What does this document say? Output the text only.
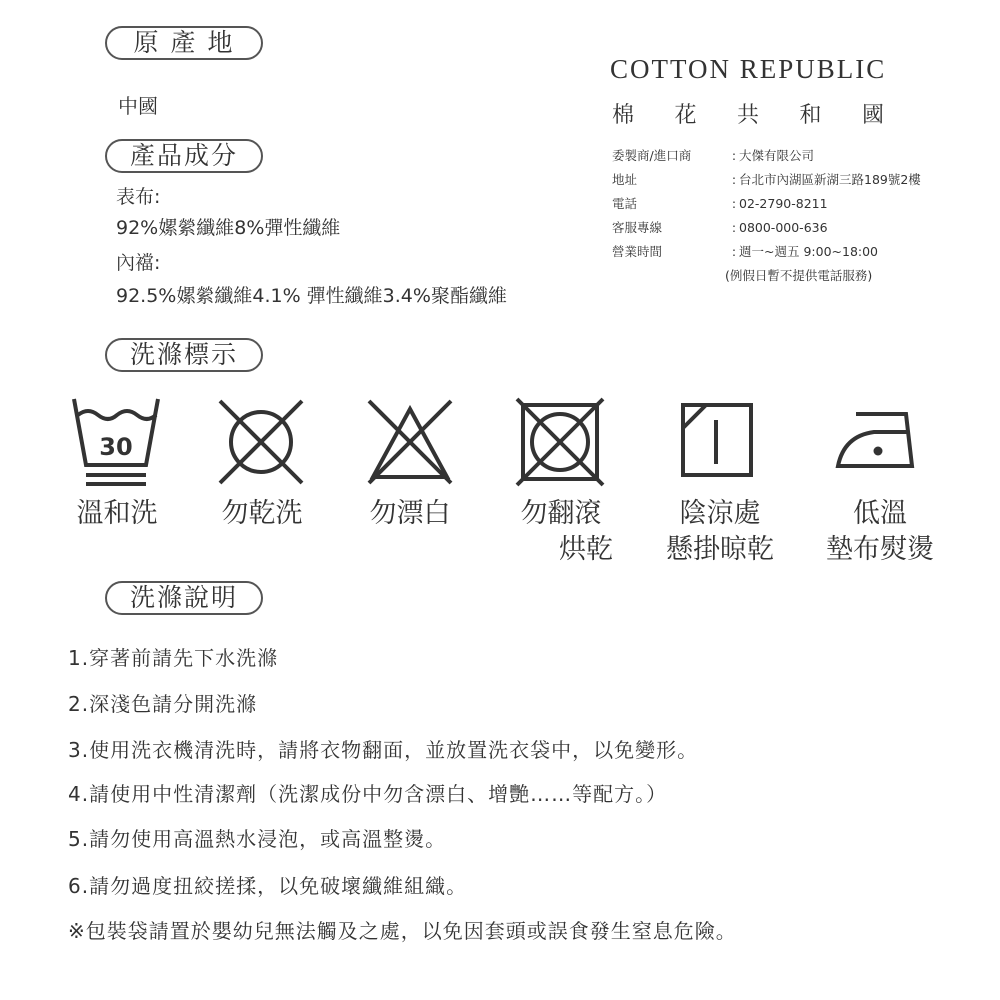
原 產 地
中國
產品成分
表布:
92%嫘縈纖維8%彈性纖維
內襠:
92.5%嫘縈纖維4.1% 彈性纖維3.4%聚酯纖維
COTTON REPUBLIC
棉 花 共 和 國
委製商/進口商	: 大傑有限公司
地址	: 台北市內湖區新湖三路189號2樓
電話	: 02-2790-8211
客服專線	: 0800-000-636
營業時間	: 週一~週五 9:00~18:00
(例假日暫不提供電話服務)
洗滌標示
30
溫和洗	勿乾洗	勿漂白	勿翻滾
烘乾
陰涼處
懸掛晾乾
低溫
墊布熨燙
洗滌說明
1.穿著前請先下水洗滌
2.深淺色請分開洗滌
3.使用洗衣機清洗時，請將衣物翻面，並放置洗衣袋中，以免變形。
4.請使用中性清潔劑（洗潔成份中勿含漂白、增艷……等配方。）
5.請勿使用高溫熱水浸泡，或高溫整燙。
6.請勿過度扭絞搓揉，以免破壞纖維組織。
※包裝袋請置於嬰幼兒無法觸及之處，以免因套頭或誤食發生窒息危險。
